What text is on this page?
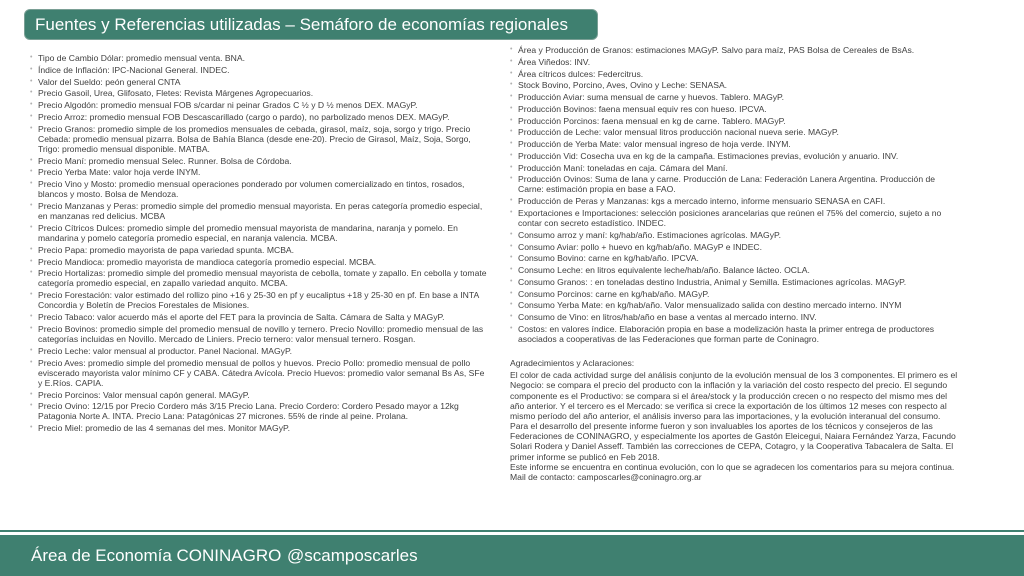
Fuentes y Referencias utilizadas – Semáforo de economías regionales
• Tipo de Cambio Dólar: promedio mensual venta. BNA.
• Índice de Inflación: IPC-Nacional General. INDEC.
• Valor del Sueldo: peón general CNTA
• Precio Gasoil, Urea, Glifosato, Fletes: Revista Márgenes Agropecuarios.
• Precio Algodón: promedio mensual FOB s/cardar ni peinar Grados C ½ y D ½ menos DEX. MAGyP.
• Precio Arroz: promedio mensual FOB Descascarillado (cargo o pardo), no parbolizado menos DEX. MAGyP.
• Precio Granos: promedio simple de los promedios mensuales de cebada, girasol, maíz, soja, sorgo y trigo. Precio Cebada: promedio mensual pizarra. Bolsa de Bahía Blanca (desde ene-20). Precio de Girasol, Maíz, Soja, Sorgo, Trigo: promedio mensual disponible. MATBA.
• Precio Maní: promedio mensual Selec. Runner. Bolsa de Córdoba.
• Precio Yerba Mate: valor hoja verde INYM.
• Precio Vino y Mosto: promedio mensual operaciones ponderado por volumen comercializado en tintos, rosados, blancos y mosto. Bolsa de Mendoza.
• Precio Manzanas y Peras: promedio simple del promedio mensual mayorista. En peras categoría promedio especial, en manzanas red delicius. MCBA
• Precio Cítricos Dulces: promedio simple del promedio mensual mayorista de mandarina, naranja y pomelo. En mandarina y pomelo categoría promedio especial, en naranja valencia. MCBA.
• Precio Papa: promedio mayorista de papa variedad spunta. MCBA.
• Precio Mandioca: promedio mayorista de mandioca categoría promedio especial. MCBA.
• Precio Hortalizas: promedio simple del promedio mensual mayorista de cebolla, tomate y zapallo. En cebolla y tomate categoría promedio especial, en zapallo variedad anquito. MCBA.
• Precio Forestación: valor estimado del rollizo pino +16 y 25-30 en pf y eucaliptus +18 y 25-30 en pf. En base a INTA Concordia y Boletín de Precios Forestales de Misiones.
• Precio Tabaco: valor acuerdo más el aporte del FET para la provincia de Salta. Cámara de Salta y MAGyP.
• Precio Bovinos: promedio simple del promedio mensual de novillo y ternero. Precio Novillo: promedio mensual de las categorías incluidas en Novillo. Mercado de Liniers. Precio ternero: valor mensual ternero. Rosgan.
• Precio Leche: valor mensual al productor. Panel Nacional. MAGyP.
• Precio Aves: promedio simple del promedio mensual de pollos y huevos. Precio Pollo: promedio mensual de pollo eviscerado mayorista valor mínimo CF y CABA. Cátedra Avícola. Precio Huevos: promedio valor semanal Bs As, SFe y E.Ríos. CAPIA.
• Precio Porcinos: Valor mensual capón general. MAGyP.
• Precio Ovino: 12/15 por Precio Cordero más 3/15 Precio Lana. Precio Cordero: Cordero Pesado mayor a 12kg Patagonia Norte A. INTA. Precio Lana: Patagónicas 27 micrones. 55% de rinde al peine. Prolana.
• Precio Miel: promedio de las 4 semanas del mes. Monitor MAGyP.
• Área y Producción de Granos: estimaciones MAGyP. Salvo para maíz, PAS Bolsa de Cereales de BsAs.
• Área Viñedos: INV.
• Área cítricos dulces: Federcitrus.
• Stock Bovino, Porcino, Aves, Ovino y Leche: SENASA.
• Producción Aviar: suma mensual de carne y huevos. Tablero. MAGyP.
• Producción Bovinos: faena mensual equiv res con hueso. IPCVA.
• Producción Porcinos: faena mensual en kg de carne. Tablero. MAGyP.
• Producción de Leche: valor mensual litros producción nacional nueva serie. MAGyP.
• Producción de Yerba Mate: valor mensual ingreso de hoja verde. INYM.
• Producción Vid: Cosecha uva en kg de la campaña. Estimaciones previas, evolución y anuario. INV.
• Producción Maní: toneladas en caja. Cámara del Maní.
• Producción Ovinos: Suma de lana y carne. Producción de Lana: Federación Lanera Argentina. Producción de Carne: estimación propia en base a FAO.
• Producción de Peras y Manzanas: kgs a mercado interno, informe mensuario SENASA en CAFI.
• Exportaciones e Importaciones: selección posiciones arancelarias que reúnen el 75% del comercio, sujeto a no contar con secreto estadístico. INDEC.
• Consumo arroz y maní: kg/hab/año. Estimaciones agrícolas. MAGyP.
• Consumo Aviar: pollo + huevo en kg/hab/año. MAGyP e INDEC.
• Consumo Bovino: carne en kg/hab/año. IPCVA.
• Consumo Leche: en litros equivalente leche/hab/año. Balance lácteo. OCLA.
• Consumo Granos: : en toneladas destino Industria, Animal y Semilla. Estimaciones agrícolas. MAGyP.
• Consumo Porcinos: carne en kg/hab/año. MAGyP.
• Consumo Yerba Mate: en kg/hab/año. Valor mensualizado salida con destino mercado interno. INYM
• Consumo de Vino: en litros/hab/año en base a ventas al mercado interno. INV.
• Costos: en valores índice. Elaboración propia en base a modelización hasta la primer entrega de productores asociados a cooperativas de las Federaciones que forman parte de Coninagro.

Agradecimientos y Aclaraciones:

El color de cada actividad surge del análisis conjunto de la evolución mensual de los 3 componentes. El primero es el Negocio: se compara el precio del producto con la inflación y la variación del costo respecto del precio. El segundo componente es el Productivo: se compara si el área/stock y la producción crecen o no respecto del mismo mes del año anterior. Y el tercero es el Mercado: se verifica si crece la exportación de los últimos 12 meses con respecto al mismo período del año anterior, el análisis inverso para las importaciones, y la evolución interanual del consumo.

Para el desarrollo del presente informe fueron y son invaluables los aportes de los técnicos y consejeros de las Federaciones de CONINAGRO, y especialmente los aportes de Gastón Eleicegui, Naiara Fernández Yarza, Facundo Solari Rodera y Daniel Asseff. También las correcciones de CEPA, Cotagro, y la Cooperativa Tabacalera de Salta. El primer informe se publicó en Feb 2018.

Este informe se encuentra en continua evolución, con lo que se agradecen los comentarios para su mejora continua. Mail de contacto: camposcarles@coninagro.org.ar

Área de Economía CONINAGRO @scamposcarles
